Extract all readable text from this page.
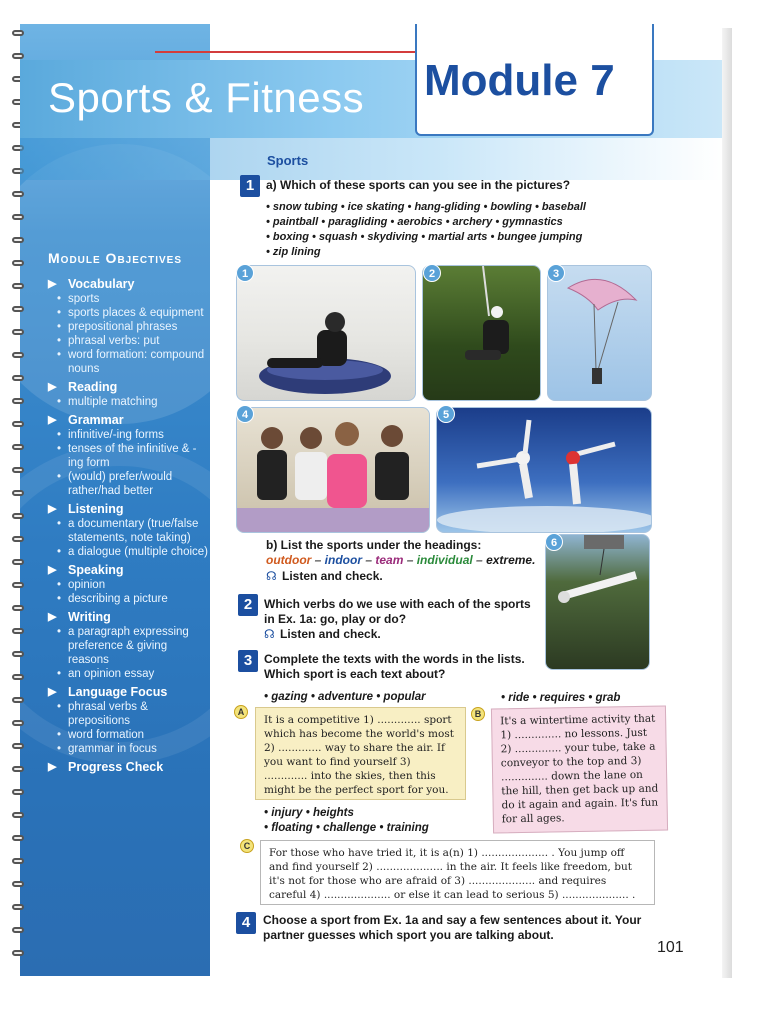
Sports & Fitness Module 7
Module Objectives
▶ Vocabulary
• sports
• sports places & equipment
• prepositional phrases
• phrasal verbs: put
• word formation: compound nouns
▶ Reading
• multiple matching
▶ Grammar
• infinitive/-ing forms
• tenses of the infinitive & -ing form
• (would) prefer/would rather/had better
▶ Listening
• a documentary (true/false statements, note taking)
• a dialogue (multiple choice)
▶ Speaking
• opinion
• describing a picture
▶ Writing
• a paragraph expressing preference & giving reasons
• an opinion essay
▶ Language Focus
• phrasal verbs & prepositions
• word formation
• grammar in focus
▶ Progress Check
Sports
1 a) Which of these sports can you see in the pictures?
• snow tubing • ice skating • hang-gliding • bowling • baseball
• paintball • paragliding • aerobics • archery • gymnastics
• boxing • squash • skydiving • martial arts • bungee jumping
• zip lining
1	2	3
4	5
6
b) List the sports under the headings:
outdoor – indoor – team – individual – extreme.
☊ Listen and check.
2 Which verbs do we use with each of the sports
in Ex. 1a: go, play or do?
☊ Listen and check.
3 Complete the texts with the words in the lists.
Which sport is each text about?
• gazing • adventure • popular	• ride • requires • grab
A
It is a competitive 1) ............. sport which has become the world's most 2) ............. way to share the air. If you want to find yourself 3) ............. into the skies, then this might be the perfect sport for you.
B	It's a wintertime activity that 1) .............. no lessons. Just 2) .............. your tube, take a conveyor to the top and 3) .............. down the lane on the hill, then get back up and do it again and again. It's fun for all ages.
• injury • heights
• floating • challenge • training
C
For those who have tried it, it is a(n) 1) .................... . You jump off and find yourself 2) .................... in the air. It feels like freedom, but it's not for those who are afraid of 3) .................... and requires careful 4) .................... or else it can lead to serious 5) .................... .
4	Choose a sport from Ex. 1a and say a few sentences about it. Your partner guesses which sport you are talking about.
101
